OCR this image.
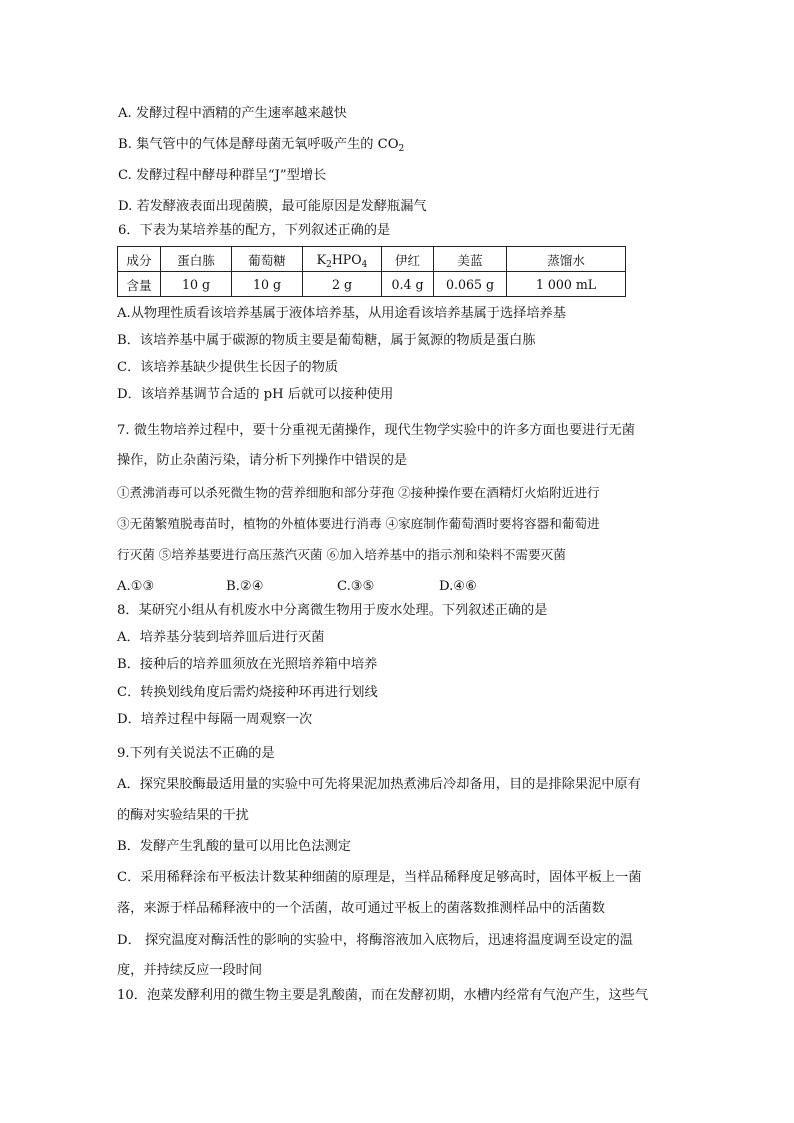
A. 发酵过程中酒精的产生速率越来越快
B. 集气管中的气体是酵母菌无氧呼吸产生的 $CO_2$
C. 发酵过程中酵母种群呈“J”型增长
D. 若发酵液表面出现菌膜，最可能原因是发酵瓶漏气
6．下表为某培养基的配方，下列叙述正确的是
成分	蛋白胨	葡萄糖	$K_2HPO_4$	伊红	美蓝	蒸馏水
含量	10 g	10 g	2 g	0.4 g	0.065 g	1 000 mL
A.从物理性质看该培养基属于液体培养基，从用途看该培养基属于选择培养基
B．该培养基中属于碳源的物质主要是葡萄糖，属于氮源的物质是蛋白胨
C．该培养基缺少提供生长因子的物质
D．该培养基调节合适的 pH 后就可以接种使用
7. 微生物培养过程中，要十分重视无菌操作，现代生物学实验中的许多方面也要进行无菌
操作，防止杂菌污染，请分析下列操作中错误的是
①煮沸消毒可以杀死微生物的营养细胞和部分芽孢 ②接种操作要在酒精灯火焰附近进行
③无菌繁殖脱毒苗时，植物的外植体要进行消毒 ④家庭制作葡萄酒时要将容器和葡萄进
行灭菌 ⑤培养基要进行高压蒸汽灭菌 ⑥加入培养基中的指示剂和染料不需要灭菌
A.①③	B.②④	C.③⑤	D.④⑥
8．某研究小组从有机废水中分离微生物用于废水处理。下列叙述正确的是
A．培养基分装到培养皿后进行灭菌
B．接种后的培养皿须放在光照培养箱中培养
C．转换划线角度后需灼烧接种环再进行划线
D．培养过程中每隔一周观察一次
9.下列有关说法不正确的是
A．探究果胶酶最适用量的实验中可先将果泥加热煮沸后冷却备用，目的是排除果泥中原有
的酶对实验结果的干扰
B．发酵产生乳酸的量可以用比色法测定
C．采用稀释涂布平板法计数某种细菌的原理是，当样品稀释度足够高时，固体平板上一菌
落，来源于样品稀释液中的一个活菌，故可通过平板上的菌落数推测样品中的活菌数
D． 探究温度对酶活性的影响的实验中，将酶溶液加入底物后，迅速将温度调至设定的温
度，并持续反应一段时间
10．泡菜发酵利用的微生物主要是乳酸菌，而在发酵初期，水槽内经常有气泡产生，这些气
